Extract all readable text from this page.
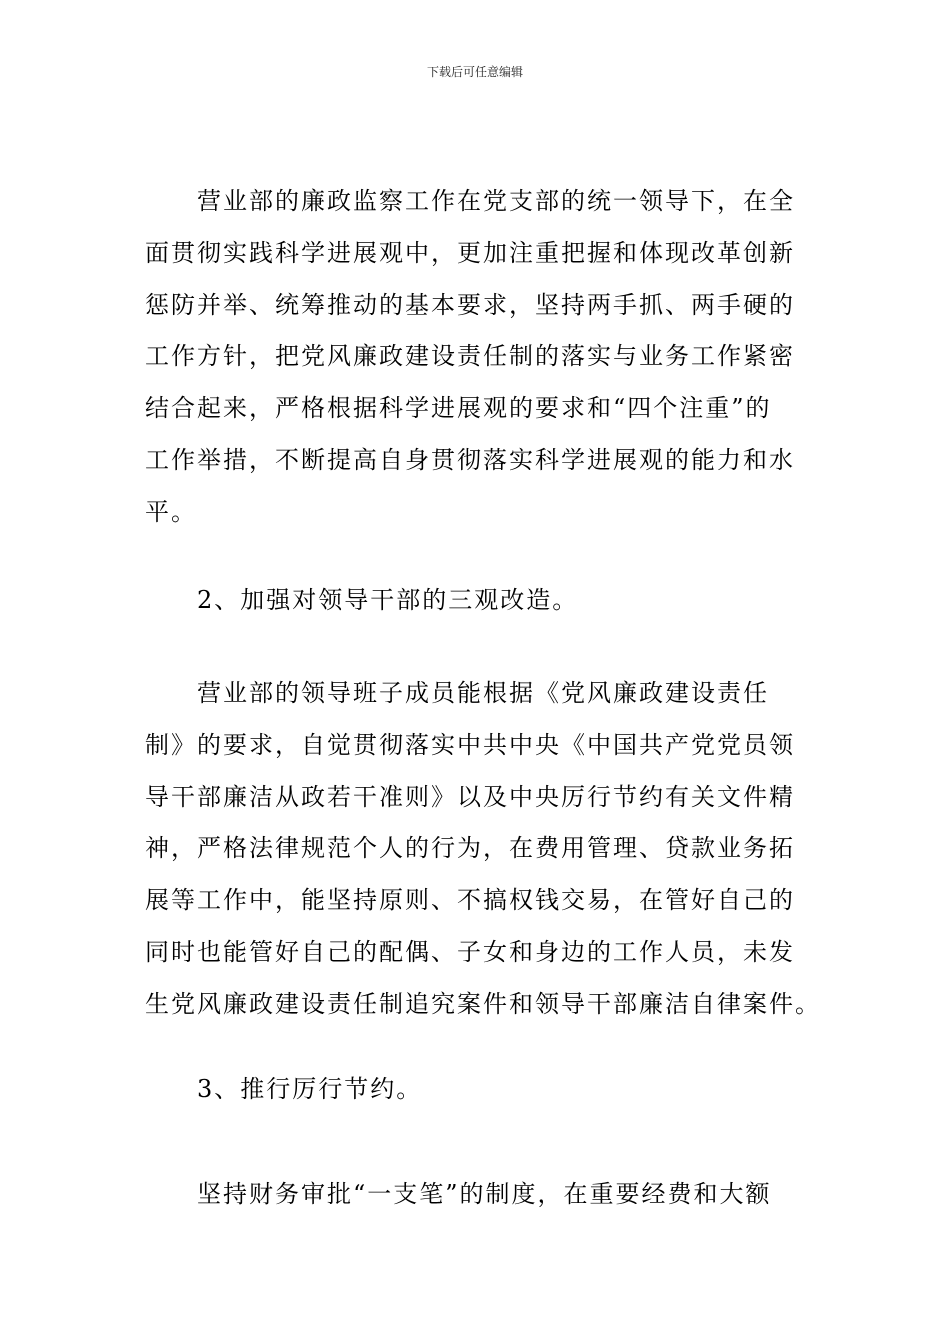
下载后可任意编辑
营业部的廉政监察工作在党支部的统一领导下，在全
面贯彻实践科学进展观中，更加注重把握和体现改革创新
惩防并举、统筹推动的基本要求，坚持两手抓、两手硬的
工作方针，把党风廉政建设责任制的落实与业务工作紧密
结合起来，严格根据科学进展观的要求和“四个注重”的
工作举措，不断提高自身贯彻落实科学进展观的能力和水
平。
2、加强对领导干部的三观改造。
营业部的领导班子成员能根据《党风廉政建设责任
制》的要求，自觉贯彻落实中共中央《中国共产党党员领
导干部廉洁从政若干准则》以及中央厉行节约有关文件精
神，严格法律规范个人的行为，在费用管理、贷款业务拓
展等工作中，能坚持原则、不搞权钱交易，在管好自己的
同时也能管好自己的配偶、子女和身边的工作人员，未发
生党风廉政建设责任制追究案件和领导干部廉洁自律案件。
3、推行厉行节约。
坚持财务审批“一支笔”的制度，在重要经费和大额
